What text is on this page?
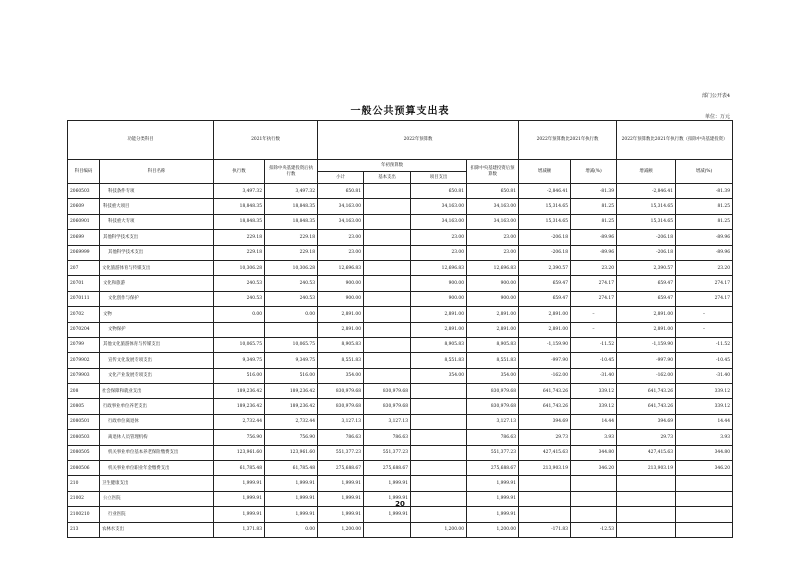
部门公开表4
一般公共预算支出表	单位：万元
功能分类科目		2021年执行数		2022年预算数				2022年预算数比2021年执行数		2022年预算数比2021年执行数（扣除中央基建投资）	
科目编码	科目名称	执行数	扣除中央基建投资后执行数	年初预算数			扣除中央基建投资后预算数	增减额	增减(%)	增减额	增减(%)
				小计	基本支出	项目支出					
2060503	科技条件专项	3,497.32	3,497.32	650.81		650.81	650.81	-2,846.41	-81.39	-2,846.41	-81.39
20609	科技重大项目	18,848.35	18,848.35	34,163.00		34,163.00	34,163.00	15,314.65	81.25	15,314.65	81.25
2060901	科技重大专项	18,848.35	18,848.35	34,163.00		34,163.00	34,163.00	15,314.65	81.25	15,314.65	81.25
20699	其他科学技术支出	229.18	229.18	23.00		23.00	23.00	-206.18	-89.96	-206.18	-89.96
2069999	其他科学技术支出	229.18	229.18	23.00		23.00	23.00	-206.18	-89.96	-206.18	-89.96
207	文化旅游体育与传媒支出	10,306.28	10,306.28	12,696.83		12,696.83	12,696.83	2,390.57	23.20	2,390.57	23.20
20701	文化和旅游	240.53	240.53	900.00		900.00	900.00	659.47	274.17	659.47	274.17
2070111	文化创作与保护	240.53	240.53	900.00		900.00	900.00	659.47	274.17	659.47	274.17
20702	文物	0.00	0.00	2,891.00		2,891.00	2,891.00	2,891.00	–	2,891.00	–
2070204	文物保护			2,891.00		2,891.00	2,891.00	2,891.00	–	2,891.00	–
20799	其他文化旅游体育与传媒支出	10,065.75	10,065.75	8,905.83		8,905.83	8,905.83	-1,159.90	-11.52	-1,159.90	-11.52
2079902	宣传文化发展专项支出	9,349.75	9,349.75	8,551.83		8,551.83	8,551.83	-997.90	-10.45	-997.90	-10.45
2079903	文化产业发展专项支出	516.00	516.00	354.00		354.00	354.00	-162.00	-31.40	-162.00	-31.40
208	社会保障和就业支出	189,236.42	189,236.42	830,979.68	830,979.68		830,979.68	641,743.26	339.12	641,743.26	339.12
20805	行政事业单位养老支出	189,236.42	189,236.42	830,979.68	830,979.68		830,979.68	641,743.26	339.12	641,743.26	339.12
2080501	行政单位离退休	2,732.44	2,732.44	3,127.13	3,127.13		3,127.13	394.69	14.44	394.69	14.44
2080503	离退休人员管理机构	756.90	756.90	786.63	786.63		786.63	29.73	3.93	29.73	3.93
2080505	机关事业单位基本养老保险缴费支出	123,961.60	123,961.60	551,377.23	551,377.23		551,377.23	427,415.63	344.80	427,415.63	344.80
2080506	机关事业单位职业年金缴费支出	61,785.48	61,785.48	275,688.67	275,688.67		275,688.67	213,903.19	346.20	213,903.19	346.20
210	卫生健康支出	1,999.91	1,999.91	1,999.91	1,999.91		1,999.91				
21002	公立医院	1,999.91	1,999.91	1,999.91	1,999.91		1,999.91				
2100210	行业医院	1,999.91	1,999.91	1,999.91	1,999.91		1,999.91				
213	农林水支出	1,371.83	0.00	1,200.00		1,200.00	1,200.00	-171.83	-12.53		
20
